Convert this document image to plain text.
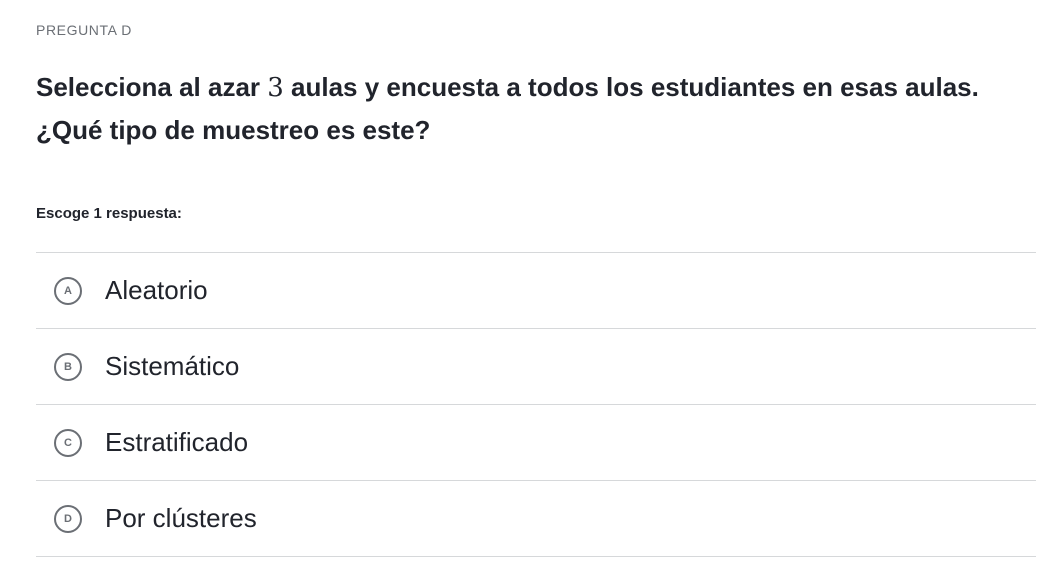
PREGUNTA D
Selecciona al azar 3 aulas y encuesta a todos los estudiantes en esas aulas.
¿Qué tipo de muestreo es este?
Escoge 1 respuesta:
A	Aleatorio
B	Sistemático
C	Estratificado
D	Por clústeres
